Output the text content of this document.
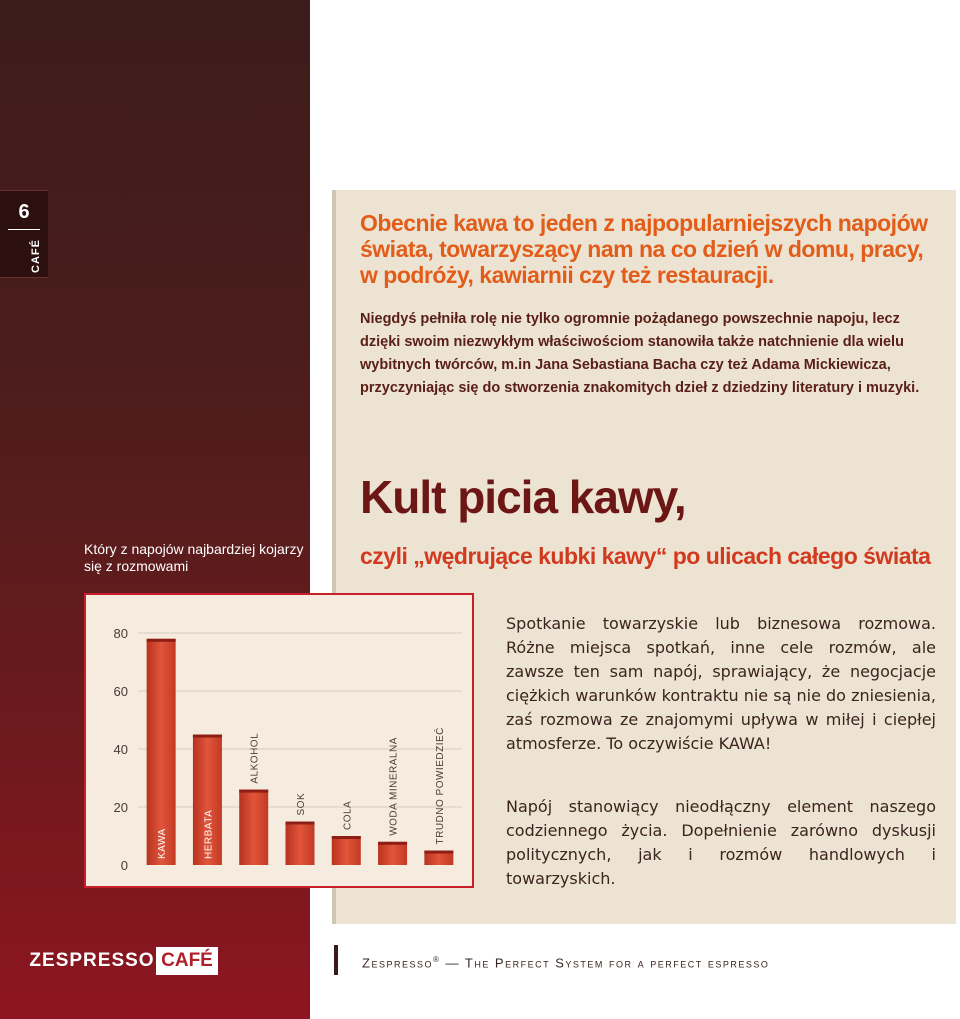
6
CAFÉ
Który z napojów najbardziej kojarzy się z rozmowami
Obecnie kawa to jeden z najpopularniejszych napojów świata, towarzyszący nam na co dzień w domu, pracy, w podróży, kawiarnii czy też restauracji.
Niegdyś pełniła rolę nie tylko ogromnie pożądanego powszechnie napoju, lecz dzięki swoim niezwykłym właściwościom stanowiła także natchnienie dla wielu wybitnych twórców, m.in Jana Sebastiana Bacha czy też Adama Mickiewicza, przyczyniając się do stworzenia znakomitych dzieł z dziedziny literatury i muzyki.
Kult picia kawy,
czyli „wędrujące kubki kawy“ po ulicach całego świata
Spotkanie towarzyskie lub biznesowa rozmowa. Różne miejsca spotkań, inne cele rozmów, ale zawsze ten sam napój, sprawiający, że negocjacje ciężkich warunków kontraktu nie są nie do zniesienia, zaś rozmowa ze znajomymi upływa w miłej i ciepłej atmosferze. To oczywiście KAWA!
Napój stanowiący nieodłączny element naszego codziennego życia. Dopełnienie zarówno dyskusji politycznych, jak i rozmów handlowych i towarzyskich.
0
20
40
60
80
KAWA	HERBATA
ALKOHOL
SOK	COLA	WODA MINERALNA	TRUDNO POWIEDZIEĆ
ZESPRESSO CAFÉ	Zespresso® — The Perfect System for a perfect espresso
